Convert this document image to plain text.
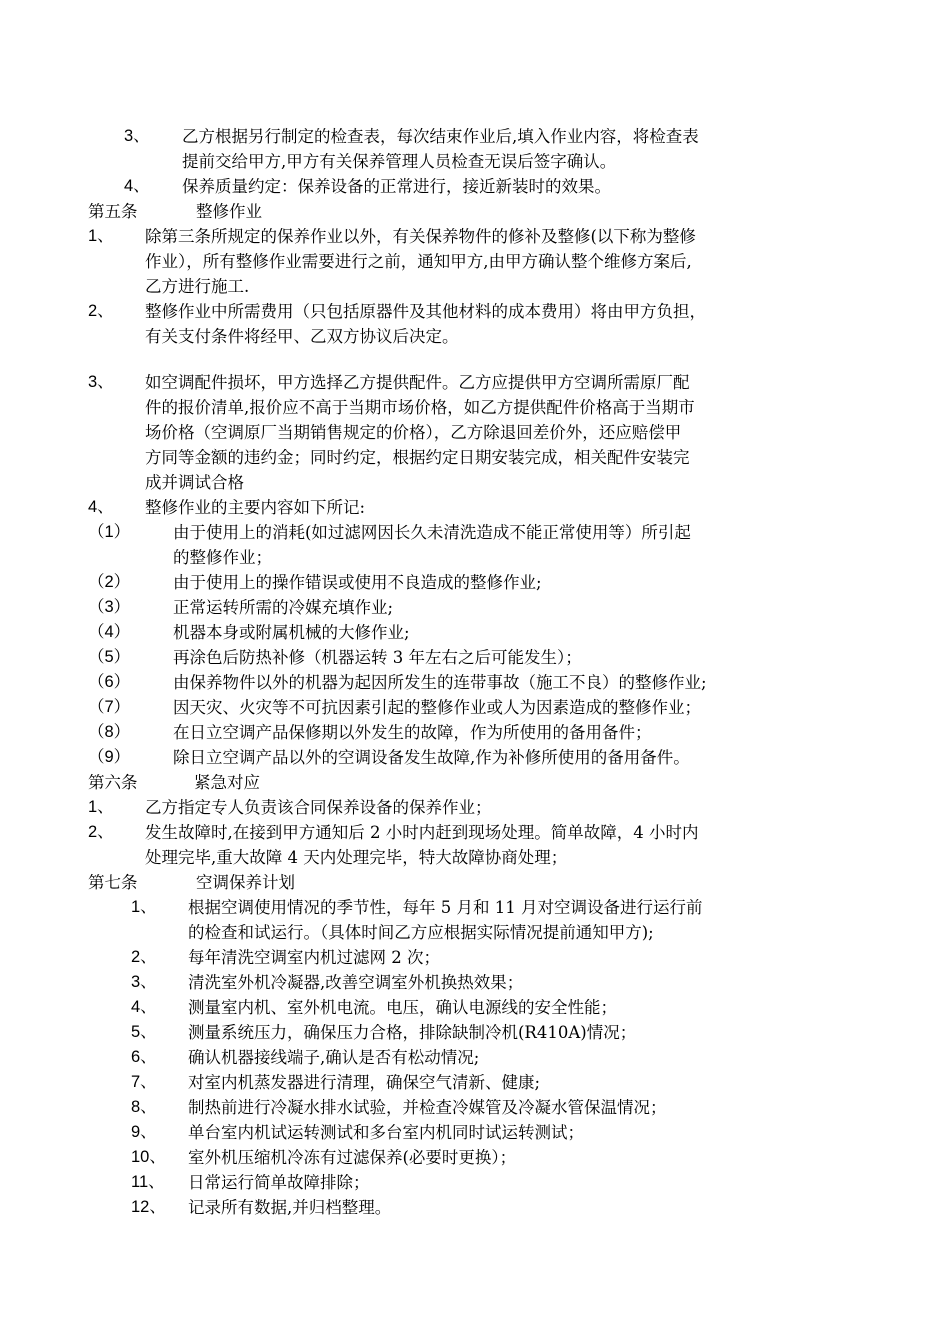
3、 乙方根据另行制定的检查表，每次结束作业后,填入作业内容，将检查表
提前交给甲方,甲方有关保养管理人员检查无误后签字确认。
4、 保养质量约定：保养设备的正常进行，接近新装时的效果。
第五条	整修作业
1、 除第三条所规定的保养作业以外，有关保养物件的修补及整修(以下称为整修
作业），所有整修作业需要进行之前，通知甲方,由甲方确认整个维修方案后,
乙方进行施工.
2、 整修作业中所需费用（只包括原器件及其他材料的成本费用）将由甲方负担，
有关支付条件将经甲、乙双方协议后决定。
3、 如空调配件损坏，甲方选择乙方提供配件。乙方应提供甲方空调所需原厂配
件的报价清单,报价应不高于当期市场价格，如乙方提供配件价格高于当期市
场价格（空调原厂当期销售规定的价格），乙方除退回差价外，还应赔偿甲
方同等金额的违约金；同时约定，根据约定日期安装完成，相关配件安装完
成并调试合格
4、 整修作业的主要内容如下所记:
（1）	由于使用上的消耗(如过滤网因长久未清洗造成不能正常使用等）所引起
的整修作业；
（2）	由于使用上的操作错误或使用不良造成的整修作业;
（3）	正常运转所需的冷媒充填作业;
（4）	机器本身或附属机械的大修作业;
（5）	再涂色后防热补修（机器运转 3 年左右之后可能发生）；
（6）	由保养物件以外的机器为起因所发生的连带事故（施工不良）的整修作业;
（7）	因天灾、火灾等不可抗因素引起的整修作业或人为因素造成的整修作业；
（8）	在日立空调产品保修期以外发生的故障，作为所使用的备用备件；
（9）	除日立空调产品以外的空调设备发生故障,作为补修所使用的备用备件。
第六条	紧急对应
1、 乙方指定专人负责该合同保养设备的保养作业；
2、 发生故障时,在接到甲方通知后 2 小时内赶到现场处理。简单故障，4 小时内
处理完毕,重大故障 4 天内处理完毕，特大故障协商处理；
第七条	空调保养计划
1、 根据空调使用情况的季节性，每年 5 月和 11 月对空调设备进行运行前
的检查和试运行。（具体时间乙方应根据实际情况提前通知甲方);
2、 每年清洗空调室内机过滤网 2 次；
3、 清洗室外机冷凝器,改善空调室外机换热效果；
4、 测量室内机、室外机电流。电压，确认电源线的安全性能；
5、 测量系统压力，确保压力合格，排除缺制冷机(R410A)情况；
6、 确认机器接线端子,确认是否有松动情况;
7、 对室内机蒸发器进行清理，确保空气清新、健康;
8、 制热前进行冷凝水排水试验，并检查冷媒管及冷凝水管保温情况；
9、 单台室内机试运转测试和多台室内机同时试运转测试；
10、 室外机压缩机冷冻有过滤保养(必要时更换）；
11、 日常运行简单故障排除；
12、 记录所有数据,并归档整理。
